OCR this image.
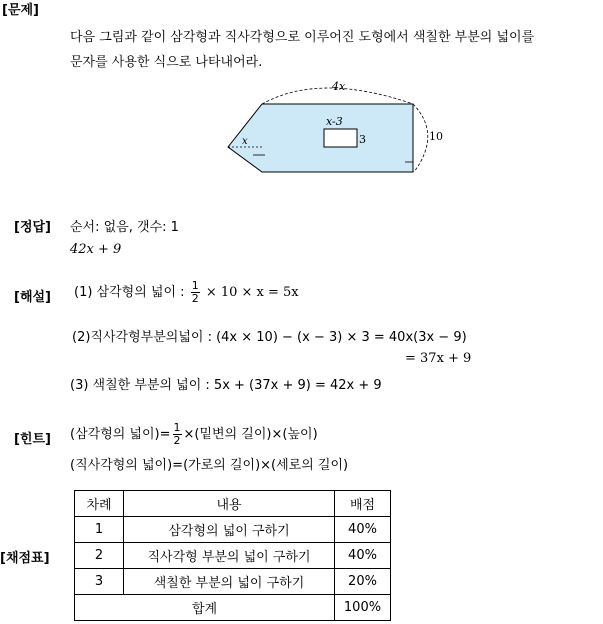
[문제]
다음 그림과 같이 삼각형과 직사각형으로 이루어진 도형에서 색칠한 부분의 넓이를
문자를 사용한 식으로 나타내어라.
4x
10
x-3
3
x
[정답] 순서: 없음, 갯수: 1
42x + 9
[해설] (1) 삼각형의 넓이 : $\frac{1}{2} \times 10 \times x = 5x$
(2)직사각형부분의넓이 : (4x × 10) − (x − 3) × 3 = 40x(3x − 9)
= 37x + 9
(3) 색칠한 부분의 넓이 : 5x + (37x + 9) = 42x + 9
[힌트] (삼각형의 넓이)= $\frac{1}{2}$ ×(밑변의 길이)×(높이)
(직사각형의 넓이)=(가로의 길이)×(세로의 길이)
[채점표]
차례	내용	배점
1	삼각형의 넓이 구하기	40%
2	직사각형 부분의 넓이 구하기	40%
3	색칠한 부분의 넓이 구하기	20%
합계		100%
